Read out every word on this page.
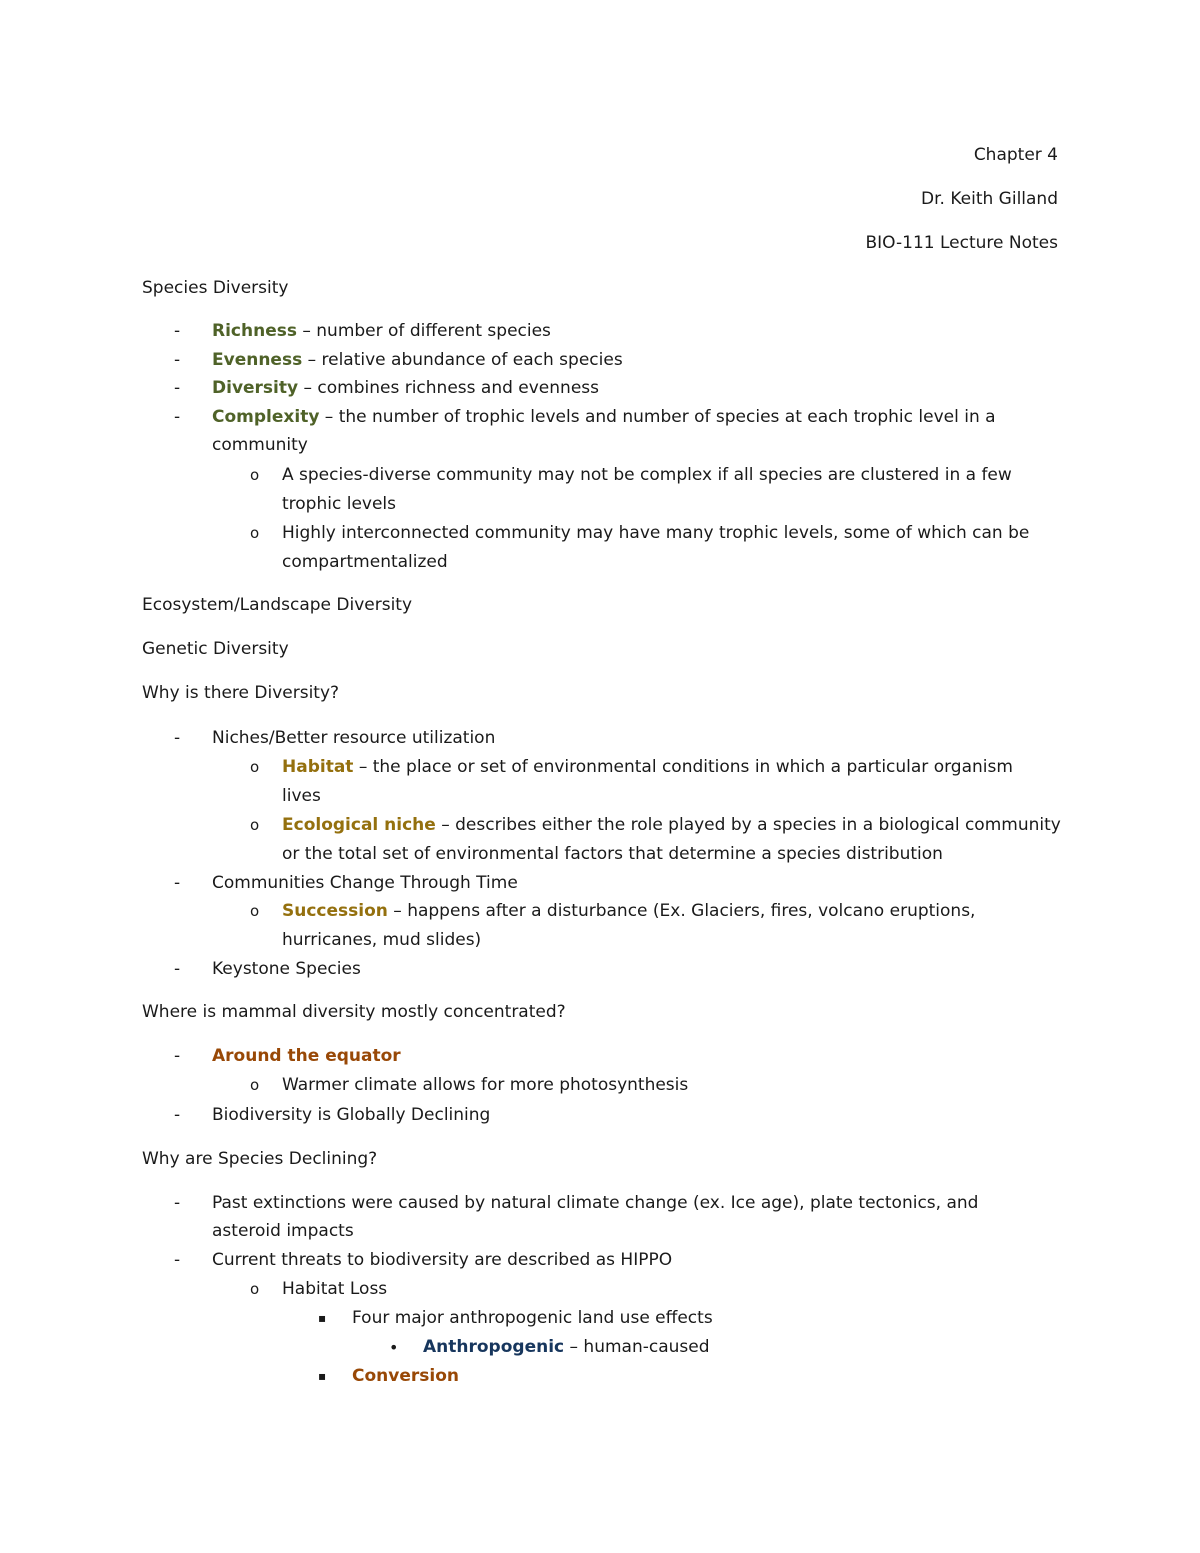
Chapter 4
Dr. Keith Gilland
BIO-111 Lecture Notes
Species Diversity
- Richness – number of different species
- Evenness – relative abundance of each species
- Diversity – combines richness and evenness
- Complexity – the number of trophic levels and number of species at each trophic level in a
community
o A species-diverse community may not be complex if all species are clustered in a few
trophic levels
o Highly interconnected community may have many trophic levels, some of which can be
compartmentalized
Ecosystem/Landscape Diversity
Genetic Diversity
Why is there Diversity?
- Niches/Better resource utilization
o Habitat – the place or set of environmental conditions in which a particular organism
lives
o Ecological niche – describes either the role played by a species in a biological community
or the total set of environmental factors that determine a species distribution
- Communities Change Through Time
o Succession – happens after a disturbance (Ex. Glaciers, fires, volcano eruptions,
hurricanes, mud slides)
- Keystone Species
Where is mammal diversity mostly concentrated?
- Around the equator
o Warmer climate allows for more photosynthesis
- Biodiversity is Globally Declining
Why are Species Declining?
- Past extinctions were caused by natural climate change (ex. Ice age), plate tectonics, and
asteroid impacts
- Current threats to biodiversity are described as HIPPO
o Habitat Loss
▪ Four major anthropogenic land use effects
• Anthropogenic – human-caused
▪ Conversion
